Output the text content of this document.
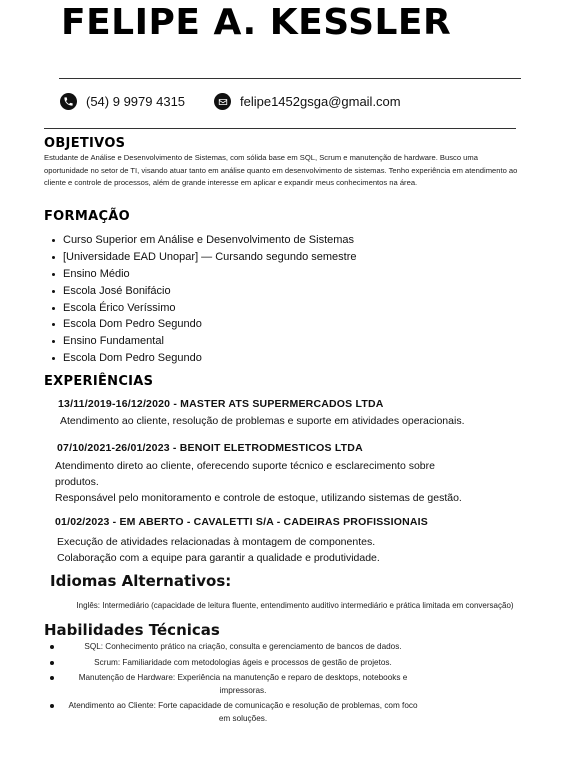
FELIPE A. KESSLER
(54) 9 9979 4315	felipe1452gsga@gmail.com
OBJETIVOS

Estudante de Análise e Desenvolvimento de Sistemas, com sólida base em SQL, Scrum e manutenção de hardware. Busco uma oportunidade no setor de TI, visando atuar tanto em análise quanto em desenvolvimento de sistemas. Tenho experiência em atendimento ao cliente e controle de processos, além de grande interesse em aplicar e expandir meus conhecimentos na área.

FORMAÇÃO
Curso Superior em Análise e Desenvolvimento de Sistemas
[Universidade EAD Unopar] — Cursando segundo semestre
Ensino Médio
Escola José Bonifácio
Escola Érico Veríssimo
Escola Dom Pedro Segundo
Ensino Fundamental
Escola Dom Pedro Segundo
EXPERIÊNCIAS

13/11/2019-16/12/2020 - MASTER ATS SUPERMERCADOS LTDA

Atendimento ao cliente, resolução de problemas e suporte em atividades operacionais.

07/10/2021-26/01/2023 - BENOIT ELETRODMESTICOS LTDA

Atendimento direto ao cliente, oferecendo suporte técnico e esclarecimento sobre

produtos.

Responsável pelo monitoramento e controle de estoque, utilizando sistemas de gestão.

01/02/2023 - EM ABERTO - CAVALETTI S/A - CADEIRAS PROFISSIONAIS

Execução de atividades relacionadas à montagem de componentes.

Colaboração com a equipe para garantir a qualidade e produtividade.

Idiomas Alternativos:

Inglês: Intermediário (capacidade de leitura fluente, entendimento auditivo intermediário e prática limitada em conversação)

Habilidades Técnicas
SQL: Conhecimento prático na criação, consulta e gerenciamento de bancos de dados.
Scrum: Familiaridade com metodologias ágeis e processos de gestão de projetos.
Manutenção de Hardware: Experiência na manutenção e reparo de desktops, notebooks e impressoras.
Atendimento ao Cliente: Forte capacidade de comunicação e resolução de problemas, com foco em soluções.
